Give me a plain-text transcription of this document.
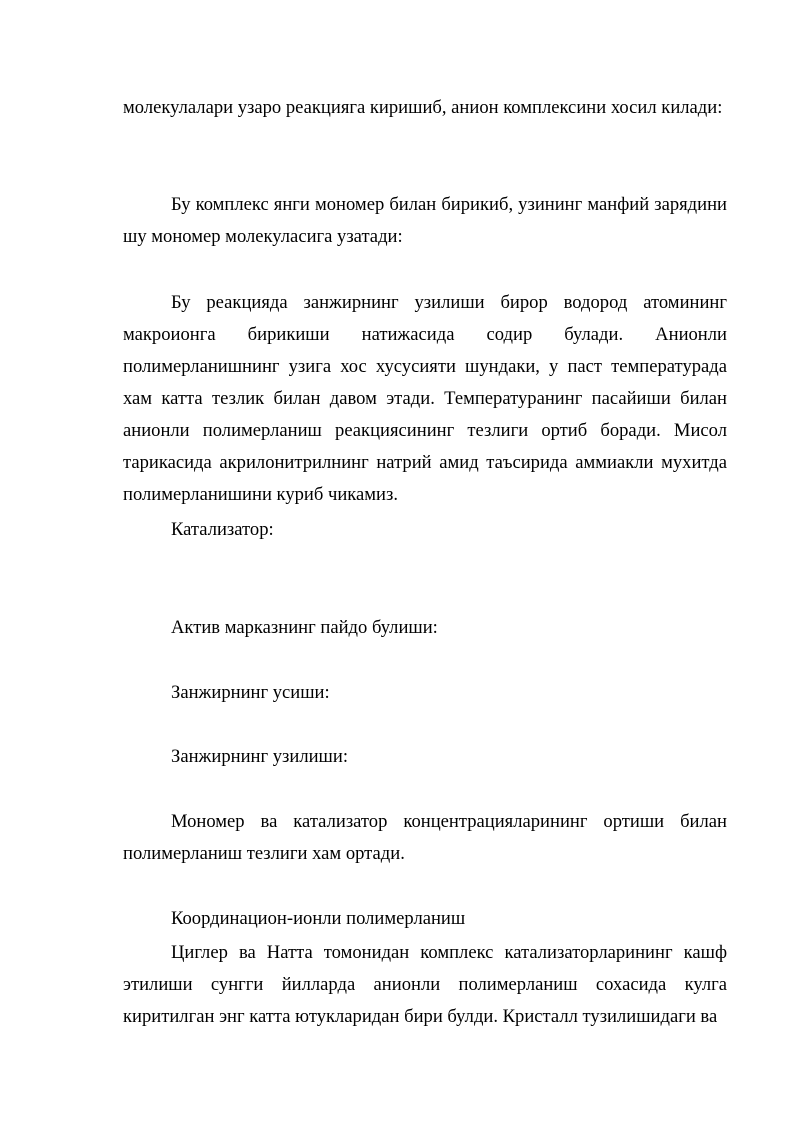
молекулалари узаро реакцияга киришиб, анион комплексини хосил килади:

Бу комплекс янги мономер билан бирикиб, узининг манфий зарядини шу мономер молекуласига узатади:

Бу реакцияда занжирнинг узилиши бирор водород атомининг макроионга бирикиши натижасида содир булади. Анионли полимерланишнинг узига хос хусусияти шундаки, у паст температурада хам катта тезлик билан давом этади. Температуранинг пасайиши билан анионли полимерланиш реакциясининг тезлиги ортиб боради. Мисол тарикасида акрилонитрилнинг натрий амид таъсирида аммиакли мухитда полимерланишини куриб чикамиз.

Катализатор:

Актив марказнинг пайдо булиши:

Занжирнинг усиши:

Занжирнинг узилиши:

Мономер ва катализатор концентрацияларининг ортиши билан полимерланиш тезлиги хам ортади.

Координацион-ионли полимерланиш

Циглер ва Натта томонидан комплекс катализаторларининг кашф этилиши сунгги йилларда анионли полимерланиш сохасида кулга киритилган энг катта ютукларидан бири булди. Кристалл тузилишидаги ва
